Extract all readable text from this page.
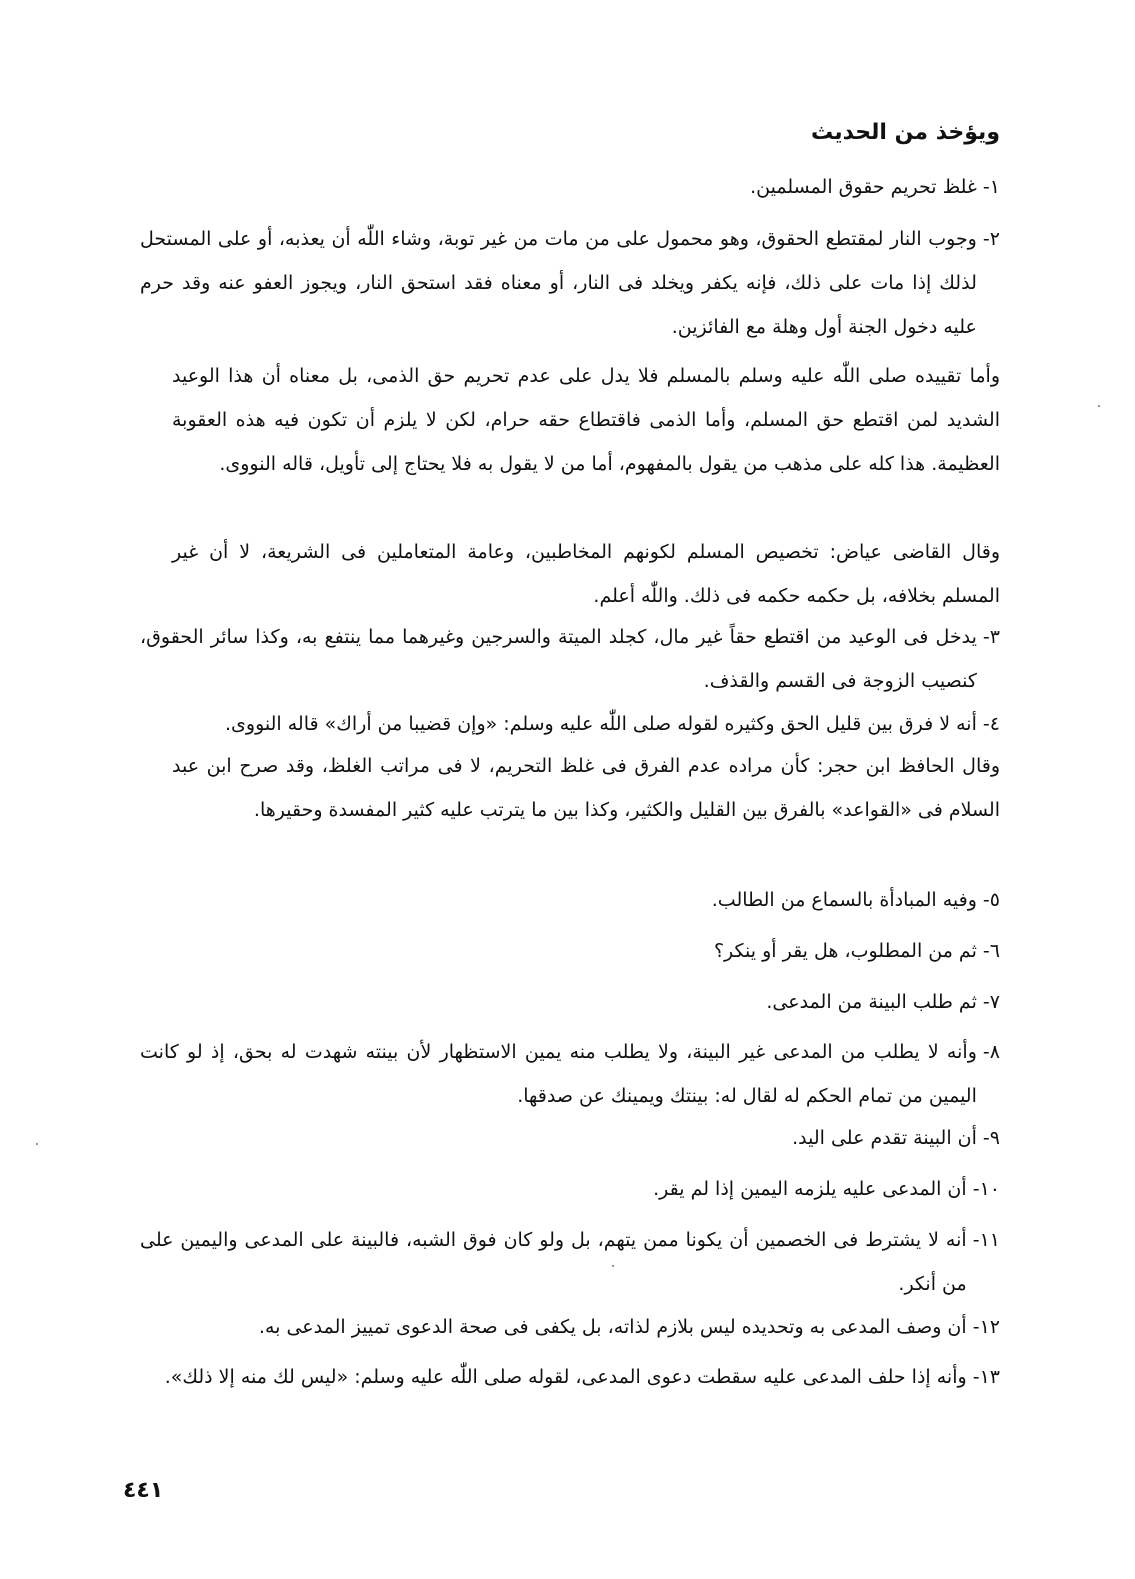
ويؤخذ من الحديث
١-

غلظ تحريم حقوق المسلمين.
٢-

وجوب النار لمقتطع الحقوق، وهو محمول على من مات من غير توبة، وشاء اللّٰه أن يعذبه، أو على المستحل لذلك إذا مات على ذلك، فإنه يكفر ويخلد فى النار، أو معناه فقد استحق النار، ويجوز العفو عنه وقد حرم عليه دخول الجنة أول وهلة مع الفائزين.

وأما تقييده صلى اللّٰه عليه وسلم بالمسلم فلا يدل على عدم تحريم حق الذمى، بل معناه أن هذا الوعيد الشديد لمن اقتطع حق المسلم، وأما الذمى فاقتطاع حقه حرام، لكن لا يلزم أن تكون فيه هذه العقوبة العظيمة. هذا كله على مذهب من يقول بالمفهوم، أما من لا يقول به فلا يحتاج إلى تأويل، قاله النووى.

وقال القاضى عياض: تخصيص المسلم لكونهم المخاطبين، وعامة المتعاملين فى الشريعة، لا أن غير المسلم بخلافه، بل حكمه حكمه فى ذلك. واللّٰه أعلم.

٣-

يدخل فى الوعيد من اقتطع حقاً غير مال، كجلد الميتة والسرجين وغيرهما مما ينتفع به، وكذا سائر الحقوق، كنصيب الزوجة فى القسم والقذف.
٤-

أنه لا فرق بين قليل الحق وكثيره لقوله صلى اللّٰه عليه وسلم: «وإن قضيبا من أراك» قاله النووى.

وقال الحافظ ابن حجر: كأن مراده عدم الفرق فى غلظ التحريم، لا فى مراتب الغلظ، وقد صرح ابن عبد السلام فى «القواعد» بالفرق بين القليل والكثير، وكذا بين ما يترتب عليه كثير المفسدة وحقيرها.

٥-

وفيه المبادأة بالسماع من الطالب.
٦-

ثم من المطلوب، هل يقر أو ينكر؟
٧-

ثم طلب البينة من المدعى.
٨-

وأنه لا يطلب من المدعى غير البينة، ولا يطلب منه يمين الاستظهار لأن بينته شهدت له بحق، إذ لو كانت اليمين من تمام الحكم له لقال له: بينتك ويمينك عن صدقها.
٩-

أن البينة تقدم على اليد.
١٠-

أن المدعى عليه يلزمه اليمين إذا لم يقر.
١١-

أنه لا يشترط فى الخصمين أن يكونا ممن يتهم، بل ولو كان فوق الشبه، فالبينة على المدعى واليمين على من أنكر.
١٢-

أن وصف المدعى به وتحديده ليس بلازم لذاته، بل يكفى فى صحة الدعوى تمييز المدعى به.
١٣-

وأنه إذا حلف المدعى عليه سقطت دعوى المدعى، لقوله صلى اللّٰه عليه وسلم: «ليس لك منه إلا ذلك».
٤٤١
